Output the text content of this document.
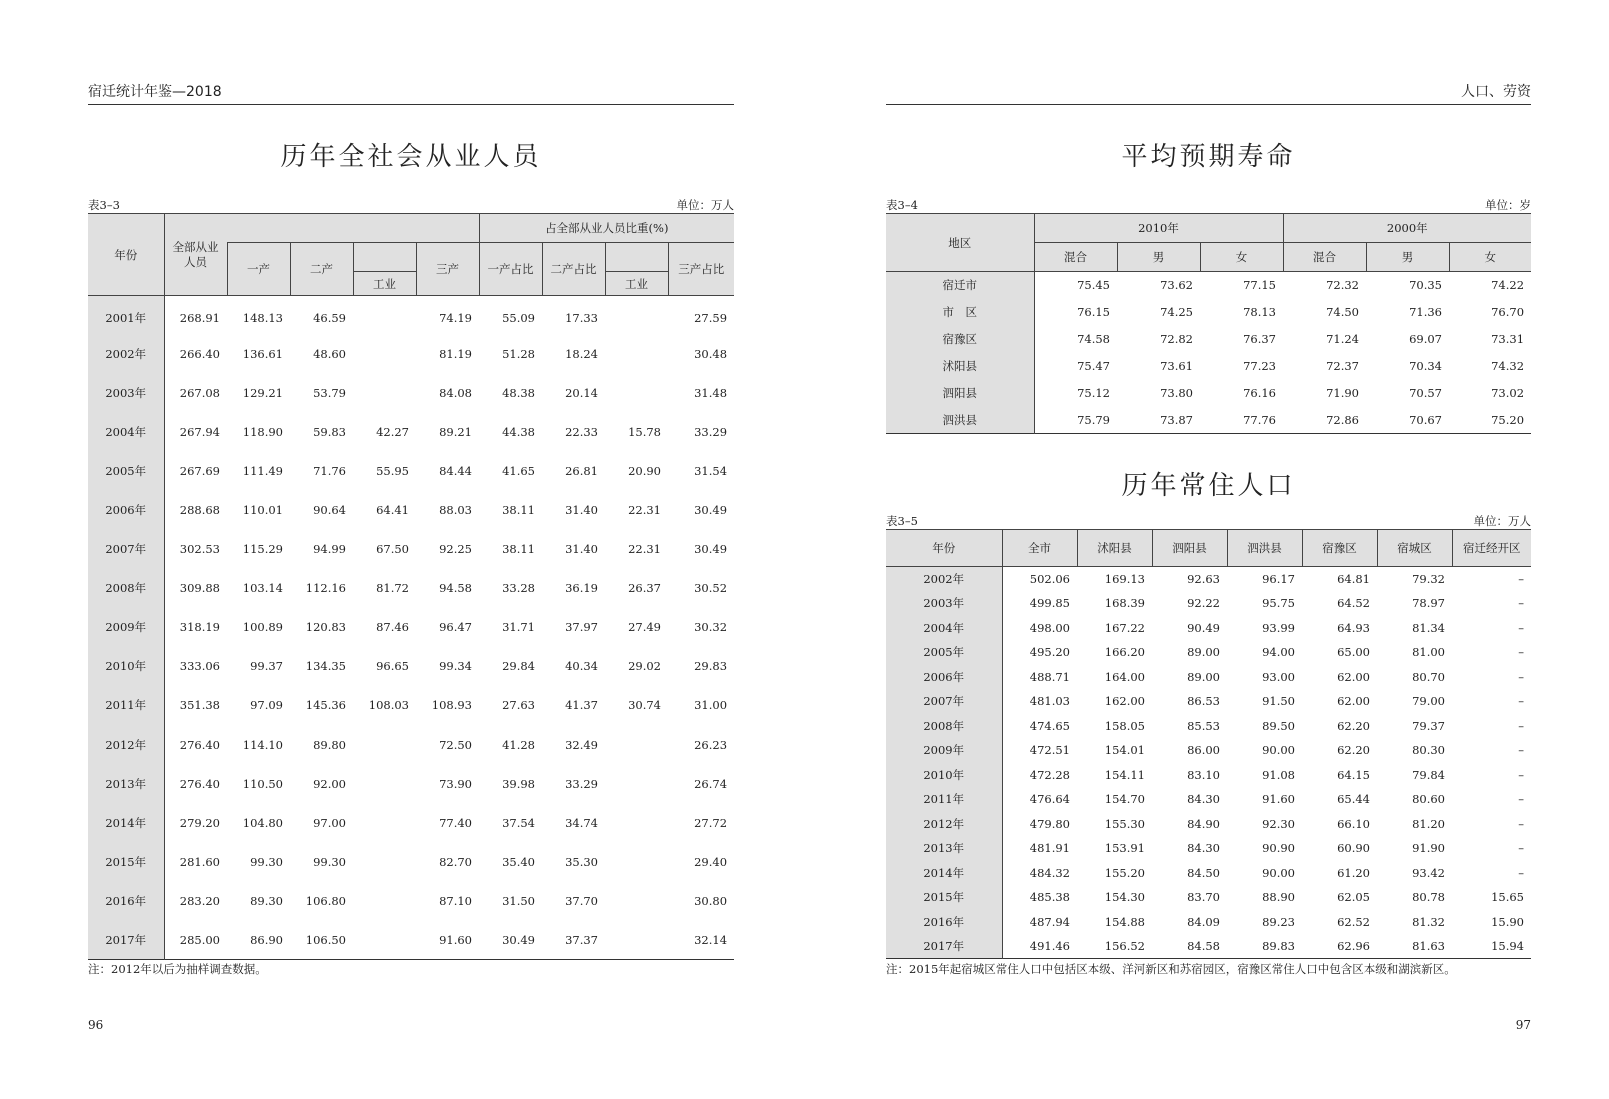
宿迁统计年鉴—2018
历年全社会从业人员
表3–3	单位：万人
年份	全部从业人员					占全部从业人员比重(%)			
		一产	二产		三产	一产占比	二产占比		三产占比
				工业				工业	
2001年	268.91	148.13	46.59		74.19	55.09	17.33		27.59
2002年	266.40	136.61	48.60		81.19	51.28	18.24		30.48
2003年	267.08	129.21	53.79		84.08	48.38	20.14		31.48
2004年	267.94	118.90	59.83	42.27	89.21	44.38	22.33	15.78	33.29
2005年	267.69	111.49	71.76	55.95	84.44	41.65	26.81	20.90	31.54
2006年	288.68	110.01	90.64	64.41	88.03	38.11	31.40	22.31	30.49
2007年	302.53	115.29	94.99	67.50	92.25	38.11	31.40	22.31	30.49
2008年	309.88	103.14	112.16	81.72	94.58	33.28	36.19	26.37	30.52
2009年	318.19	100.89	120.83	87.46	96.47	31.71	37.97	27.49	30.32
2010年	333.06	99.37	134.35	96.65	99.34	29.84	40.34	29.02	29.83
2011年	351.38	97.09	145.36	108.03	108.93	27.63	41.37	30.74	31.00
2012年	276.40	114.10	89.80		72.50	41.28	32.49		26.23
2013年	276.40	110.50	92.00		73.90	39.98	33.29		26.74
2014年	279.20	104.80	97.00		77.40	37.54	34.74		27.72
2015年	281.60	99.30	99.30		82.70	35.40	35.30		29.40
2016年	283.20	89.30	106.80		87.10	31.50	37.70		30.80
2017年	285.00	86.90	106.50		91.60	30.49	37.37		32.14
注：2012年以后为抽样调查数据。
96
人口、劳资
平均预期寿命
表3–4	单位：岁
地区	2010年			2000年		
	混合	男	女	混合	男	女
宿迁市	75.45	73.62	77.15	72.32	70.35	74.22
市　区	76.15	74.25	78.13	74.50	71.36	76.70
宿豫区	74.58	72.82	76.37	71.24	69.07	73.31
沭阳县	75.47	73.61	77.23	72.37	70.34	74.32
泗阳县	75.12	73.80	76.16	71.90	70.57	73.02
泗洪县	75.79	73.87	77.76	72.86	70.67	75.20
历年常住人口
表3–5	单位：万人
年份	全市	沭阳县	泗阳县	泗洪县	宿豫区	宿城区	宿迁经开区
2002年	502.06	169.13	92.63	96.17	64.81	79.32	–
2003年	499.85	168.39	92.22	95.75	64.52	78.97	–
2004年	498.00	167.22	90.49	93.99	64.93	81.34	–
2005年	495.20	166.20	89.00	94.00	65.00	81.00	–
2006年	488.71	164.00	89.00	93.00	62.00	80.70	–
2007年	481.03	162.00	86.53	91.50	62.00	79.00	–
2008年	474.65	158.05	85.53	89.50	62.20	79.37	–
2009年	472.51	154.01	86.00	90.00	62.20	80.30	–
2010年	472.28	154.11	83.10	91.08	64.15	79.84	–
2011年	476.64	154.70	84.30	91.60	65.44	80.60	–
2012年	479.80	155.30	84.90	92.30	66.10	81.20	–
2013年	481.91	153.91	84.30	90.90	60.90	91.90	–
2014年	484.32	155.20	84.50	90.00	61.20	93.42	–
2015年	485.38	154.30	83.70	88.90	62.05	80.78	15.65
2016年	487.94	154.88	84.09	89.23	62.52	81.32	15.90
2017年	491.46	156.52	84.58	89.83	62.96	81.63	15.94
注：2015年起宿城区常住人口中包括区本级、洋河新区和苏宿园区，宿豫区常住人口中包含区本级和湖滨新区。
97
